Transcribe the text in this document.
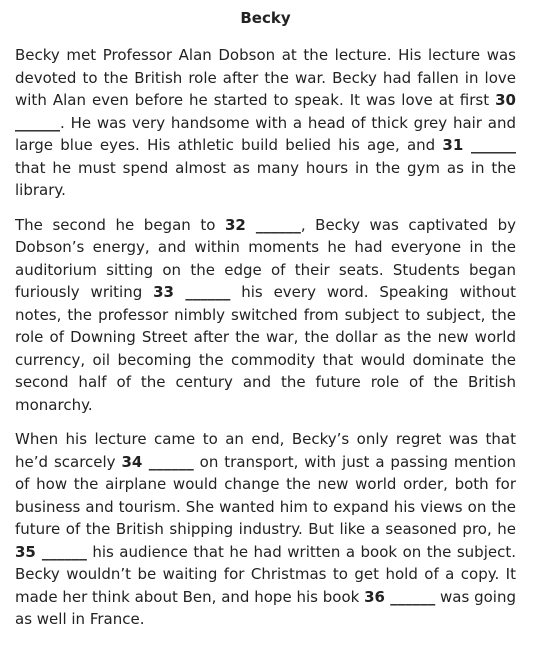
Becky

Becky met Professor Alan Dobson at the lecture. His lecture was devoted to the British role after the war. Becky had fallen in love with Alan even before he started to speak. It was love at first 30 ______. He was very handsome with a head of thick grey hair and large blue eyes. His athletic build belied his age, and 31 ______ that he must spend almost as many hours in the gym as in the library.

The second he began to 32 ______, Becky was captivated by Dobson’s energy, and within moments he had everyone in the auditorium sitting on the edge of their seats. Students began furiously writing 33 ______ his every word. Speaking without notes, the professor nimbly switched from subject to subject, the role of Downing Street after the war, the dollar as the new world currency, oil becoming the commodity that would dominate the second half of the century and the future role of the British monarchy.

When his lecture came to an end, Becky’s only regret was that he’d scarcely 34 ______ on transport, with just a passing mention of how the airplane would change the new world order, both for business and tourism. She wanted him to expand his views on the future of the British shipping industry. But like a seasoned pro, he 35 ______ his audience that he had written a book on the subject. Becky wouldn’t be waiting for Christmas to get hold of a copy. It made her think about Ben, and hope his book 36 ______ was going as well in France.
